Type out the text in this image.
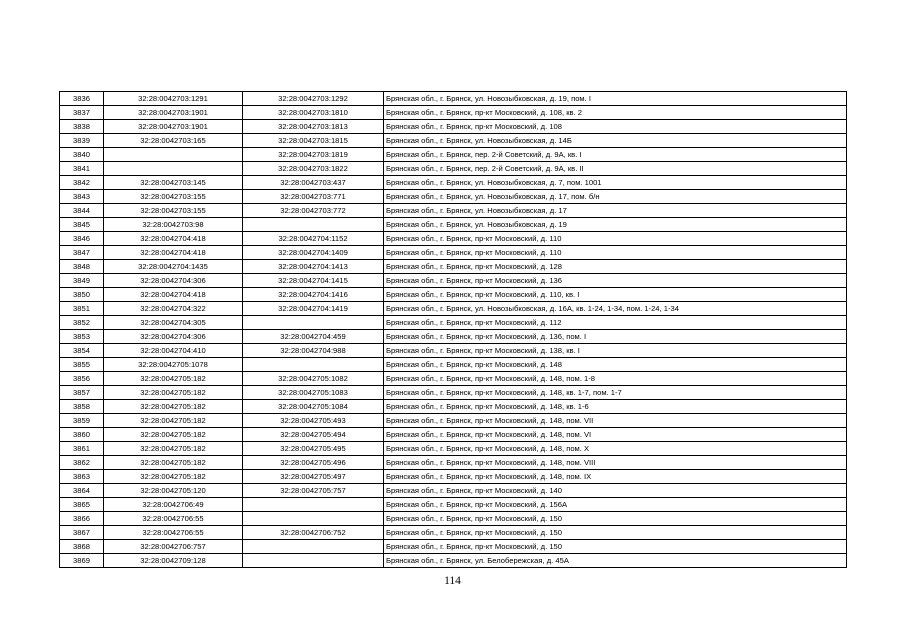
3836	32:28:0042703:1291	32:28:0042703:1292	Брянская обл., г. Брянск, ул. Новозыбковская, д. 19, пом. I
3837	32:28:0042703:1901	32:28:0042703:1810	Брянская обл., г. Брянск, пр-кт Московский, д. 108, кв. 2
3838	32:28:0042703:1901	32:28:0042703:1813	Брянская обл., г. Брянск, пр-кт Московский, д. 108
3839	32:28:0042703:165	32:28:0042703:1815	Брянская обл., г. Брянск, ул. Новозыбковская, д. 14Б
3840		32:28:0042703:1819	Брянская обл., г. Брянск, пер. 2-й Советский, д. 9А, кв. I
3841		32:28:0042703:1822	Брянская обл., г. Брянск, пер. 2-й Советский, д. 9А, кв. II
3842	32:28:0042703:145	32:28:0042703:437	Брянская обл., г. Брянск, ул. Новозыбковская, д. 7, пом. 1001
3843	32:28:0042703:155	32:28:0042703:771	Брянская обл., г. Брянск, ул. Новозыбковская, д. 17, пом. б/н
3844	32:28:0042703:155	32:28:0042703:772	Брянская обл., г. Брянск, ул. Новозыбковская, д. 17
3845	32:28:0042703:98		Брянская обл., г. Брянск, ул. Новозыбковская, д. 19
3846	32:28:0042704:418	32:28:0042704:1152	Брянская обл., г. Брянск, пр-кт Московский, д. 110
3847	32:28:0042704:418	32:28:0042704:1409	Брянская обл., г. Брянск, пр-кт Московский, д. 110
3848	32:28:0042704:1435	32:28:0042704:1413	Брянская обл., г. Брянск, пр-кт Московский, д. 128
3849	32:28:0042704:306	32:28:0042704:1415	Брянская обл., г. Брянск, пр-кт Московский, д. 136
3850	32:28:0042704:418	32:28:0042704:1416	Брянская обл., г. Брянск, пр-кт Московский, д. 110, кв. I
3851	32:28:0042704:322	32:28:0042704:1419	Брянская обл., г. Брянск, ул. Новозыбковская, д. 16А, кв. 1-24, 1-34, пом. 1-24, 1-34
3852	32:28:0042704:305		Брянская обл., г. Брянск, пр-кт Московский, д. 112
3853	32:28:0042704:306	32:28:0042704:459	Брянская обл., г. Брянск, пр-кт Московский, д. 136, пом. I
3854	32:28:0042704:410	32:28:0042704:988	Брянская обл., г. Брянск, пр-кт Московский, д. 138, кв. I
3855	32:28:0042705:1078		Брянская обл., г. Брянск, пр-кт Московский, д. 148
3856	32:28:0042705:182	32:28:0042705:1082	Брянская обл., г. Брянск, пр-кт Московский, д. 148, пом. 1-8
3857	32:28:0042705:182	32:28:0042705:1083	Брянская обл., г. Брянск, пр-кт Московский, д. 148, кв. 1-7, пом. 1-7
3858	32:28:0042705:182	32:28:0042705:1084	Брянская обл., г. Брянск, пр-кт Московский, д. 148, кв. 1-6
3859	32:28:0042705:182	32:28:0042705:493	Брянская обл., г. Брянск, пр-кт Московский, д. 148, пом. VII
3860	32:28:0042705:182	32:28:0042705:494	Брянская обл., г. Брянск, пр-кт Московский, д. 148, пом. VI
3861	32:28:0042705:182	32:28:0042705:495	Брянская обл., г. Брянск, пр-кт Московский, д. 148, пом. X
3862	32:28:0042705:182	32:28:0042705:496	Брянская обл., г. Брянск, пр-кт Московский, д. 148, пом. VIII
3863	32:28:0042705:182	32:28:0042705:497	Брянская обл., г. Брянск, пр-кт Московский, д. 148, пом. IX
3864	32:28:0042705:120	32:28:0042705:757	Брянская обл., г. Брянск, пр-кт Московский, д. 140
3865	32:28:0042706:49		Брянская обл., г. Брянск, пр-кт Московский, д. 156А
3866	32:28:0042706:55		Брянская обл., г. Брянск, пр-кт Московский, д. 150
3867	32:28:0042706:55	32:28:0042706:752	Брянская обл., г. Брянск, пр-кт Московский, д. 150
3868	32:28:0042706:757		Брянская обл., г. Брянск, пр-кт Московский, д. 150
3869	32:28:0042709:128		Брянская обл., г. Брянск, ул. Белобережская, д. 45А
114
